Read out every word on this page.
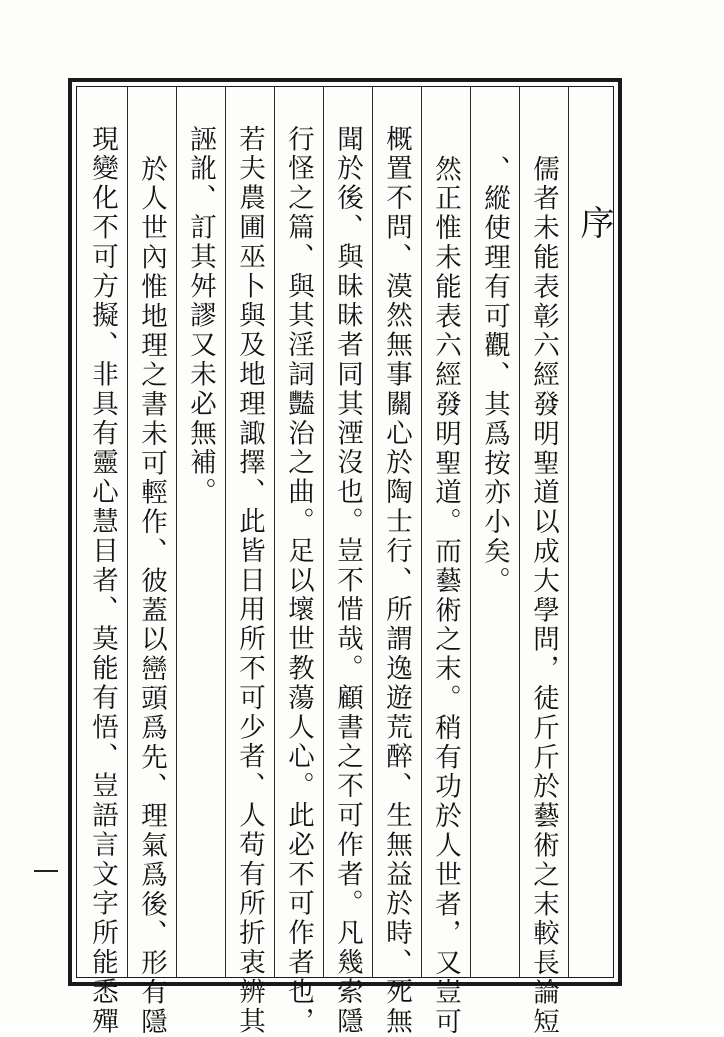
序
儒者未能表彰六經發明聖道以成大學問，徒斤斤於藝術之末較長論短
、縱使理有可觀、其爲按亦小矣。
然正惟未能表六經發明聖道。而藝術之末。稍有功於人世者，又豈可
概置不問、漠然無事關心於陶士行、所謂逸遊荒醉、生無益於時、死無
聞於後、與昧昧者同其湮沒也。豈不惜哉。顧書之不可作者。凡幾索隱
行怪之篇、與其淫詞豔治之曲。足以壞世教蕩人心。此必不可作者也，
若夫農圃巫卜與及地理諏擇、此皆日用所不可少者、人苟有所折衷辨其
誣訛、訂其舛謬又未必無補。
於人世內惟地理之書未可輕作、彼蓋以巒頭爲先、理氣爲後、形有隱
現變化不可方擬、非具有靈心慧目者、莫能有悟、豈語言文字所能悉殫
